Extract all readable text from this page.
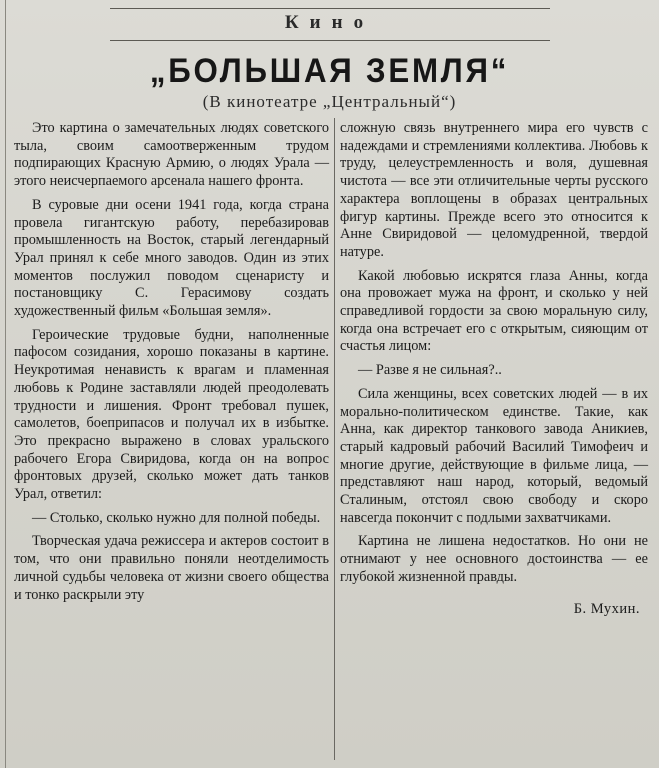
Кино
„БОЛЬШАЯ ЗЕМЛЯ“
(В кинотеатре „Центральный“)

Это картина о замечательных людях советского тыла, своим самоотверженным трудом подпирающих Красную Армию, о людях Урала — этого неисчерпаемого арсенала нашего фронта.

В суровые дни осени 1941 года, когда страна провела гигантскую работу, перебазировав промышленность на Восток, старый легендарный Урал принял к себе много заводов. Один из этих моментов послужил поводом сценаристу и постановщику С. Герасимову создать художественный фильм «Большая земля».

Героические трудовые будни, наполненные пафосом созидания, хорошо показаны в картине. Неукротимая ненависть к врагам и пламенная любовь к Родине заставляли людей преодолевать трудности и лишения. Фронт требовал пушек, самолетов, боеприпасов и получал их в избытке. Это прекрасно выражено в словах уральского рабочего Егора Свиридова, когда он на вопрос фронтовых друзей, сколько может дать танков Урал, ответил:

— Столько, сколько нужно для полной победы.

Творческая удача режиссера и актеров состоит в том, что они правильно поняли неотделимость личной судьбы человека от жизни своего общества и тонко раскрыли эту

сложную связь внутреннего мира его чувств с надеждами и стремлениями коллектива. Любовь к труду, целеустремленность и воля, душевная чистота — все эти отличительные черты русского характера воплощены в образах центральных фигур картины. Прежде всего это относится к Анне Свиридовой — целомудренной, твердой натуре.

Какой любовью искрятся глаза Анны, когда она провожает мужа на фронт, и сколько у ней справедливой гордости за свою моральную силу, когда она встречает его с открытым, сияющим от счастья лицом:

— Разве я не сильная?..

Сила женщины, всех советских людей — в их морально-политическом единстве. Такие, как Анна, как директор танкового завода Аникиев, старый кадровый рабочий Василий Тимофеич и многие другие, действующие в фильме лица, — представляют наш народ, который, ведомый Сталиным, отстоял свою свободу и скоро навсегда покончит с подлыми захватчиками.

Картина не лишена недостатков. Но они не отнимают у нее основного достоинства — ее глубокой жизненной правды.

Б. Мухин.
